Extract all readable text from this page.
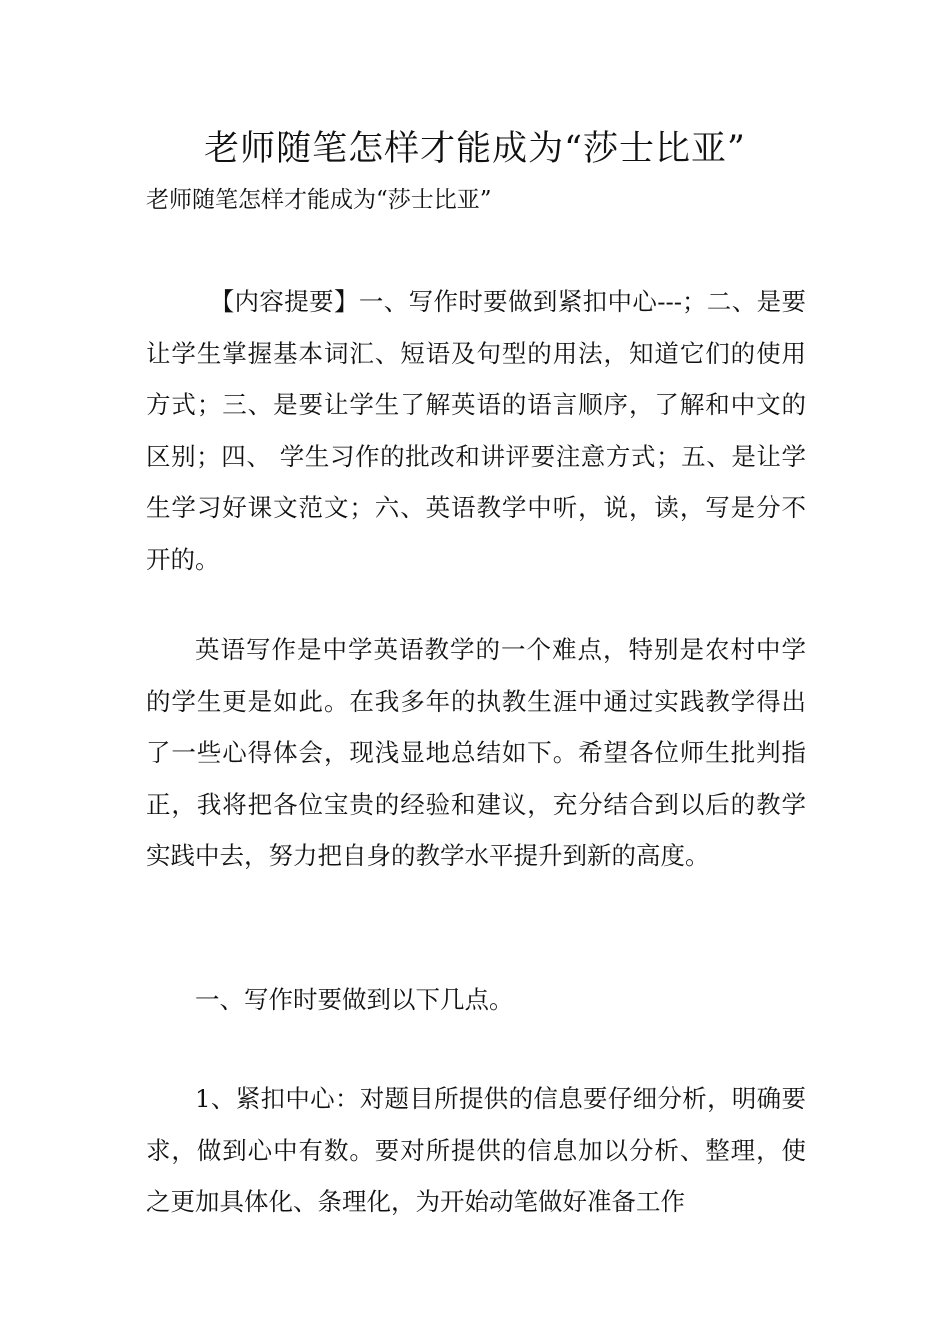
老师随笔怎样才能成为“莎士比亚”

老师随笔怎样才能成为“莎士比亚”

【内容提要】一、写作时要做到紧扣中心---；二、是要让学生掌握基本词汇、短语及句型的用法，知道它们的使用方式；三、是要让学生了解英语的语言顺序，了解和中文的区别；四、 学生习作的批改和讲评要注意方式；五、是让学生学习好课文范文；六、英语教学中听，说，读，写是分不开的。

英语写作是中学英语教学的一个难点，特别是农村中学的学生更是如此。在我多年的执教生涯中通过实践教学得出了一些心得体会，现浅显地总结如下。希望各位师生批判指正，我将把各位宝贵的经验和建议，充分结合到以后的教学实践中去，努力把自身的教学水平提升到新的高度。

一、写作时要做到以下几点。

1、紧扣中心：对题目所提供的信息要仔细分析，明确要求，做到心中有数。要对所提供的信息加以分析、整理，使之更加具体化、条理化，为开始动笔做好准备工作
